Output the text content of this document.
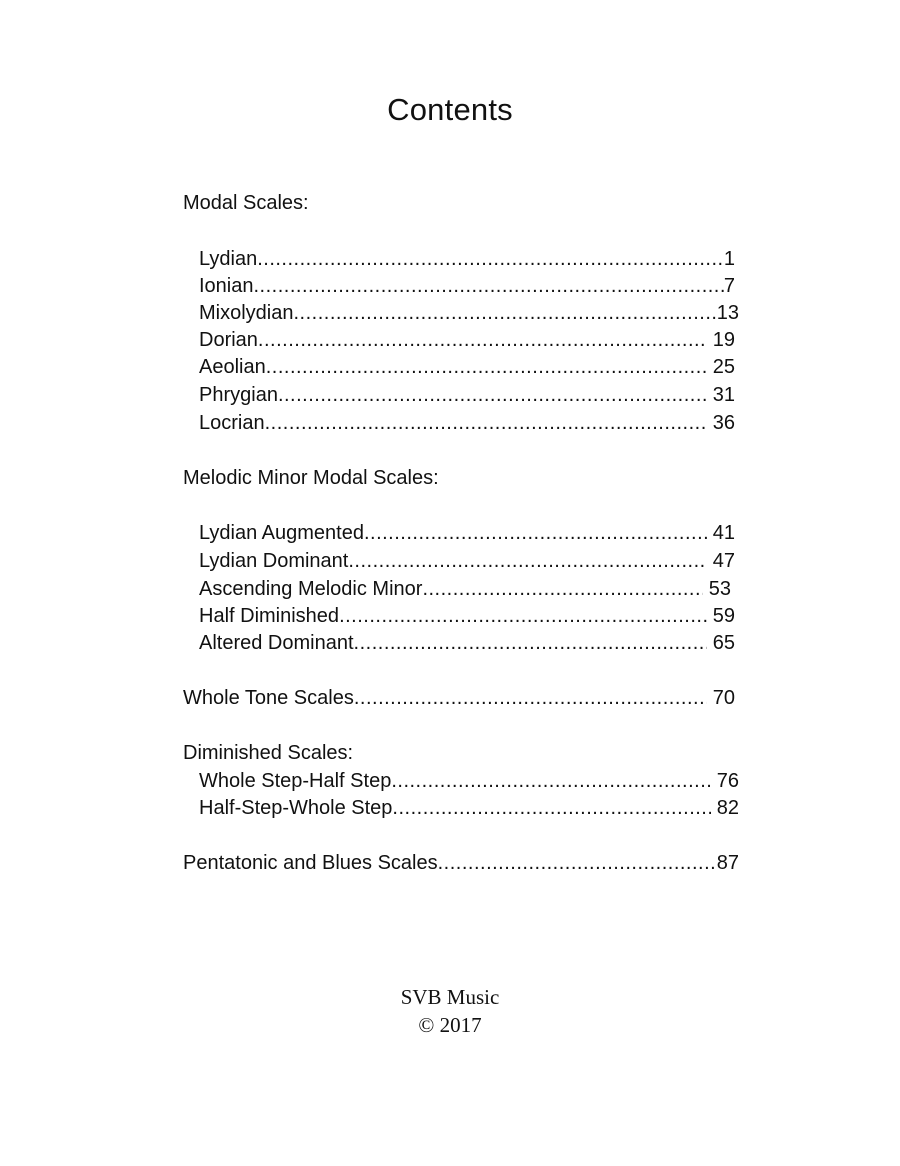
Contents
Modal Scales:
Lydian .....	1
Ionian .....	7
Mixolydian .....	13
Dorian .....	19
Aeolian .....	25
Phrygian .....	31
Locrian .....	36
Melodic Minor Modal Scales:
Lydian Augmented .....	41
Lydian Dominant .....	47
Ascending Melodic Minor .....	53
Half Diminished .....	59
Altered Dominant .....	65
Whole Tone Scales .....	70
Diminished Scales:
Whole Step-Half Step .....	76
Half-Step-Whole Step .....	82
Pentatonic and Blues Scales .....	87
SVB Music
© 2017
